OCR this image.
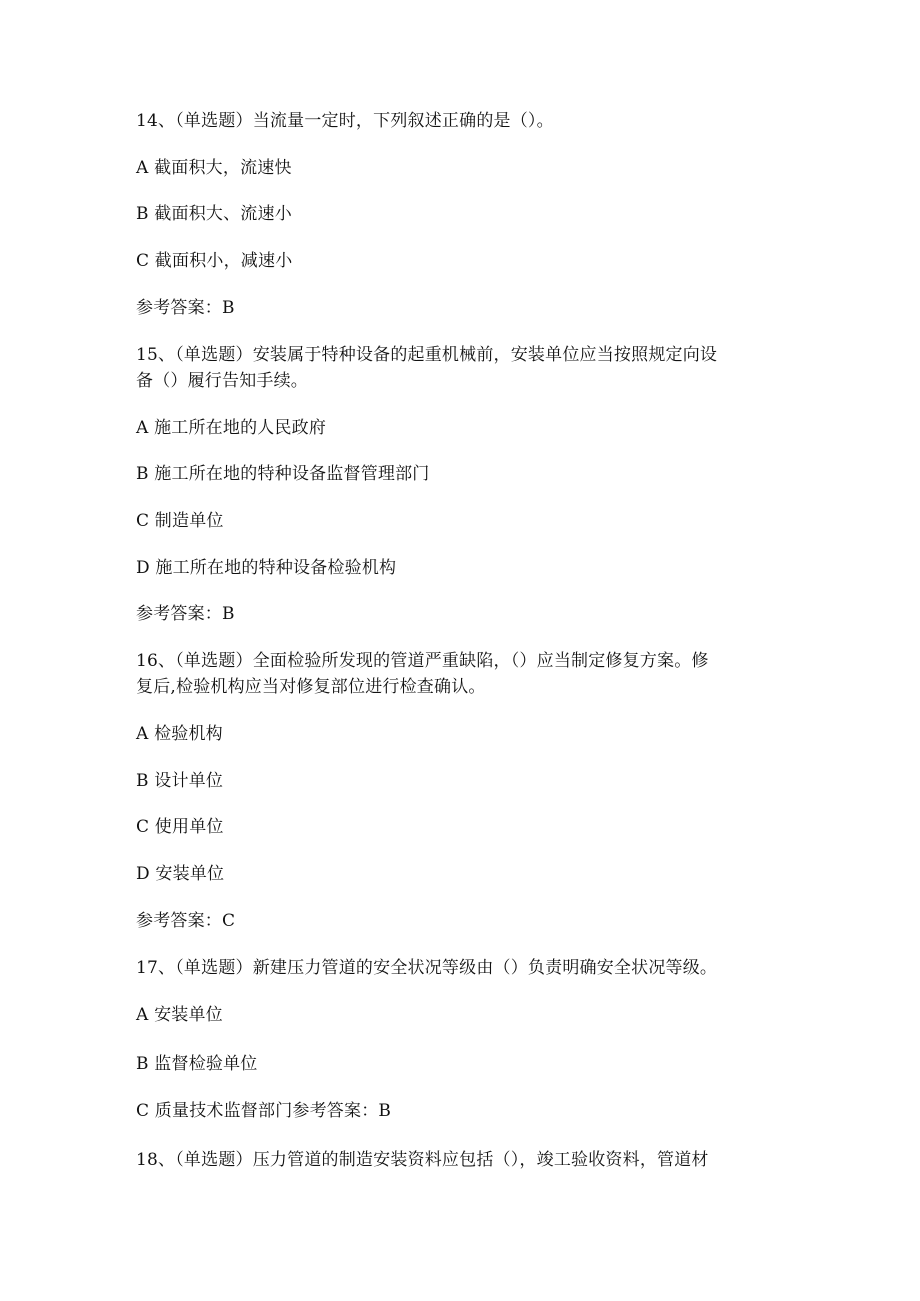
14、（单选题）当流量一定时，下列叙述正确的是（）。
A 截面积大，流速快
B 截面积大、流速小
C 截面积小，减速小
参考答案：B
15、（单选题）安装属于特种设备的起重机械前，安装单位应当按照规定向设
备（）履行告知手续。
A 施工所在地的人民政府
B 施工所在地的特种设备监督管理部门
C 制造单位
D 施工所在地的特种设备检验机构
参考答案：B
16、（单选题）全面检验所发现的管道严重缺陷，（）应当制定修复方案。修
复后,检验机构应当对修复部位进行检查确认。
A 检验机构
B 设计单位
C 使用单位
D 安装单位
参考答案：C
17、（单选题）新建压力管道的安全状况等级由（）负责明确安全状况等级。
A 安装单位
B 监督检验单位
C 质量技术监督部门参考答案：B
18、（单选题）压力管道的制造安装资料应包括（），竣工验收资料，管道材
